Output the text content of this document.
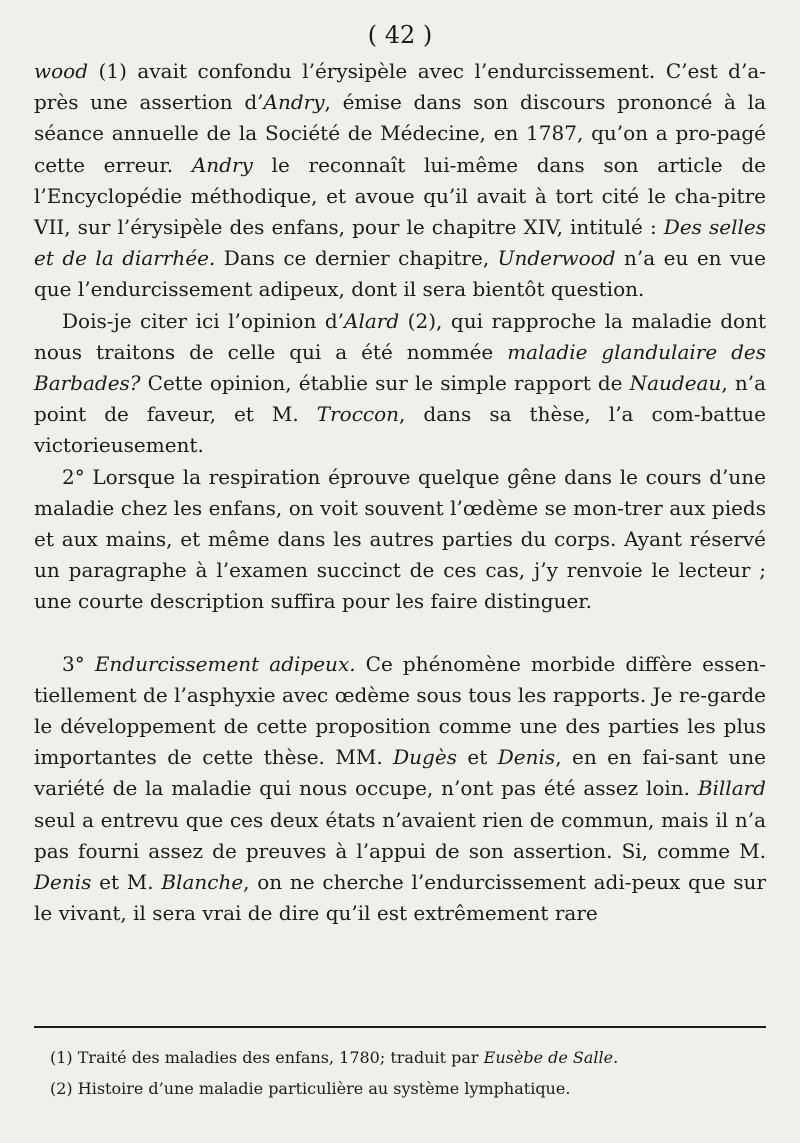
( 42 )

wood (1) avait confondu l’érysipèle avec l’endurcissement. C’est d’a-près une assertion d’Andry, émise dans son discours prononcé à la séance annuelle de la Société de Médecine, en 1787, qu’on a pro-pagé cette erreur. Andry le reconnaît lui-même dans son article de l’Encyclopédie méthodique, et avoue qu’il avait à tort cité le cha-pitre VII, sur l’érysipèle des enfans, pour le chapitre XIV, intitulé : Des selles et de la diarrhée. Dans ce dernier chapitre, Underwood n’a eu en vue que l’endurcissement adipeux, dont il sera bientôt question.

Dois-je citer ici l’opinion d’Alard (2), qui rapproche la maladie dont nous traitons de celle qui a été nommée maladie glandulaire des Barbades? Cette opinion, établie sur le simple rapport de Naudeau, n’a point de faveur, et M. Troccon, dans sa thèse, l’a com-battue victorieusement.

2° Lorsque la respiration éprouve quelque gêne dans le cours d’une maladie chez les enfans, on voit souvent l’œdème se mon-trer aux pieds et aux mains, et même dans les autres parties du corps. Ayant réservé un paragraphe à l’examen succinct de ces cas, j’y renvoie le lecteur ; une courte description suffira pour les faire distinguer.

3° Endurcissement adipeux. Ce phénomène morbide diffère essen-tiellement de l’asphyxie avec œdème sous tous les rapports. Je re-garde le développement de cette proposition comme une des parties les plus importantes de cette thèse. MM. Dugès et Denis, en en fai-sant une variété de la maladie qui nous occupe, n’ont pas été assez loin. Billard seul a entrevu que ces deux états n’avaient rien de commun, mais il n’a pas fourni assez de preuves à l’appui de son assertion. Si, comme M. Denis et M. Blanche, on ne cherche l’endurcissement adi-peux que sur le vivant, il sera vrai de dire qu’il est extrêmement rare

(1) Traité des maladies des enfans, 1780; traduit par Eusèbe de Salle.

(2) Histoire d’une maladie particulière au système lymphatique.
